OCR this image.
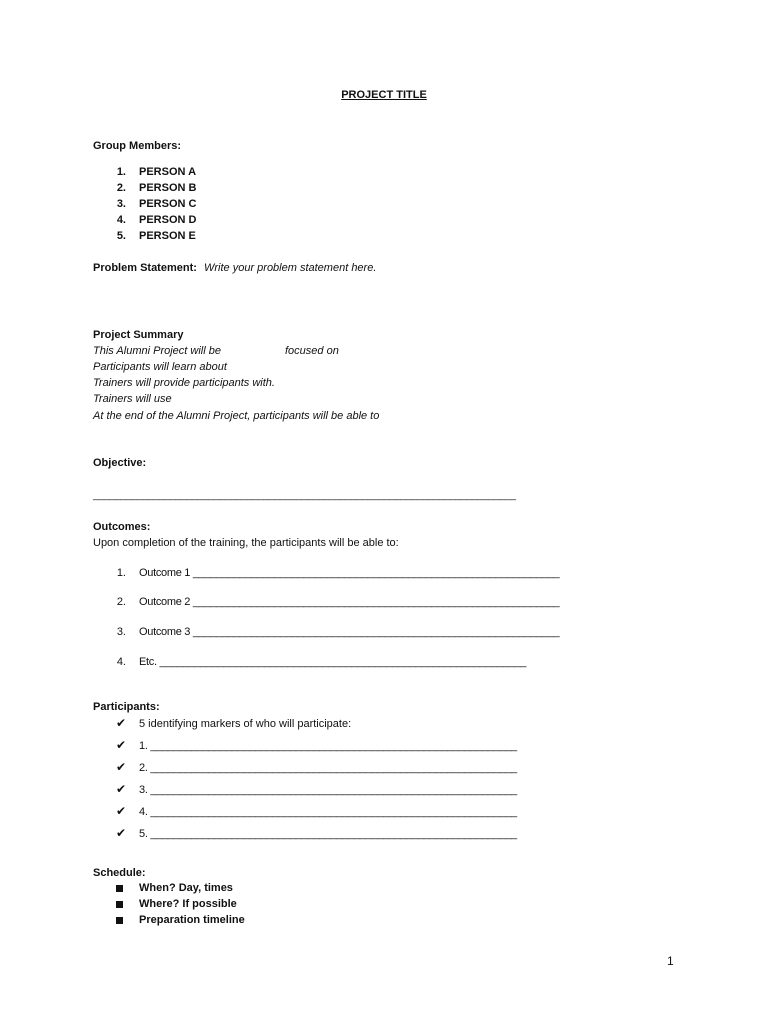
PROJECT TITLE
Group Members:
1. PERSON A
2. PERSON B
3. PERSON C
4. PERSON D
5. PERSON E
Problem Statement: Write your problem statement here.
Project Summary
This Alumni Project will be	focused on
Participants will learn about
Trainers will provide participants with.
Trainers will use
At the end of the Alumni Project, participants will be able to
Objective:
_____________________________________________________________________________
Outcomes:
Upon completion of the training, the participants will be able to:
1. Outcome 1 _______________________________________________________________
2. Outcome 2 _______________________________________________________________
3. Outcome 3 _______________________________________________________________
4. Etc. _______________________________________________________________
Participants:
✔ 5 identifying markers of who will participate:
✔ 1. _______________________________________________________________
✔ 2. _______________________________________________________________
✔ 3. _______________________________________________________________
✔ 4. _______________________________________________________________
✔ 5. _______________________________________________________________
Schedule:
When? Day, times
Where? If possible
Preparation timeline
1
